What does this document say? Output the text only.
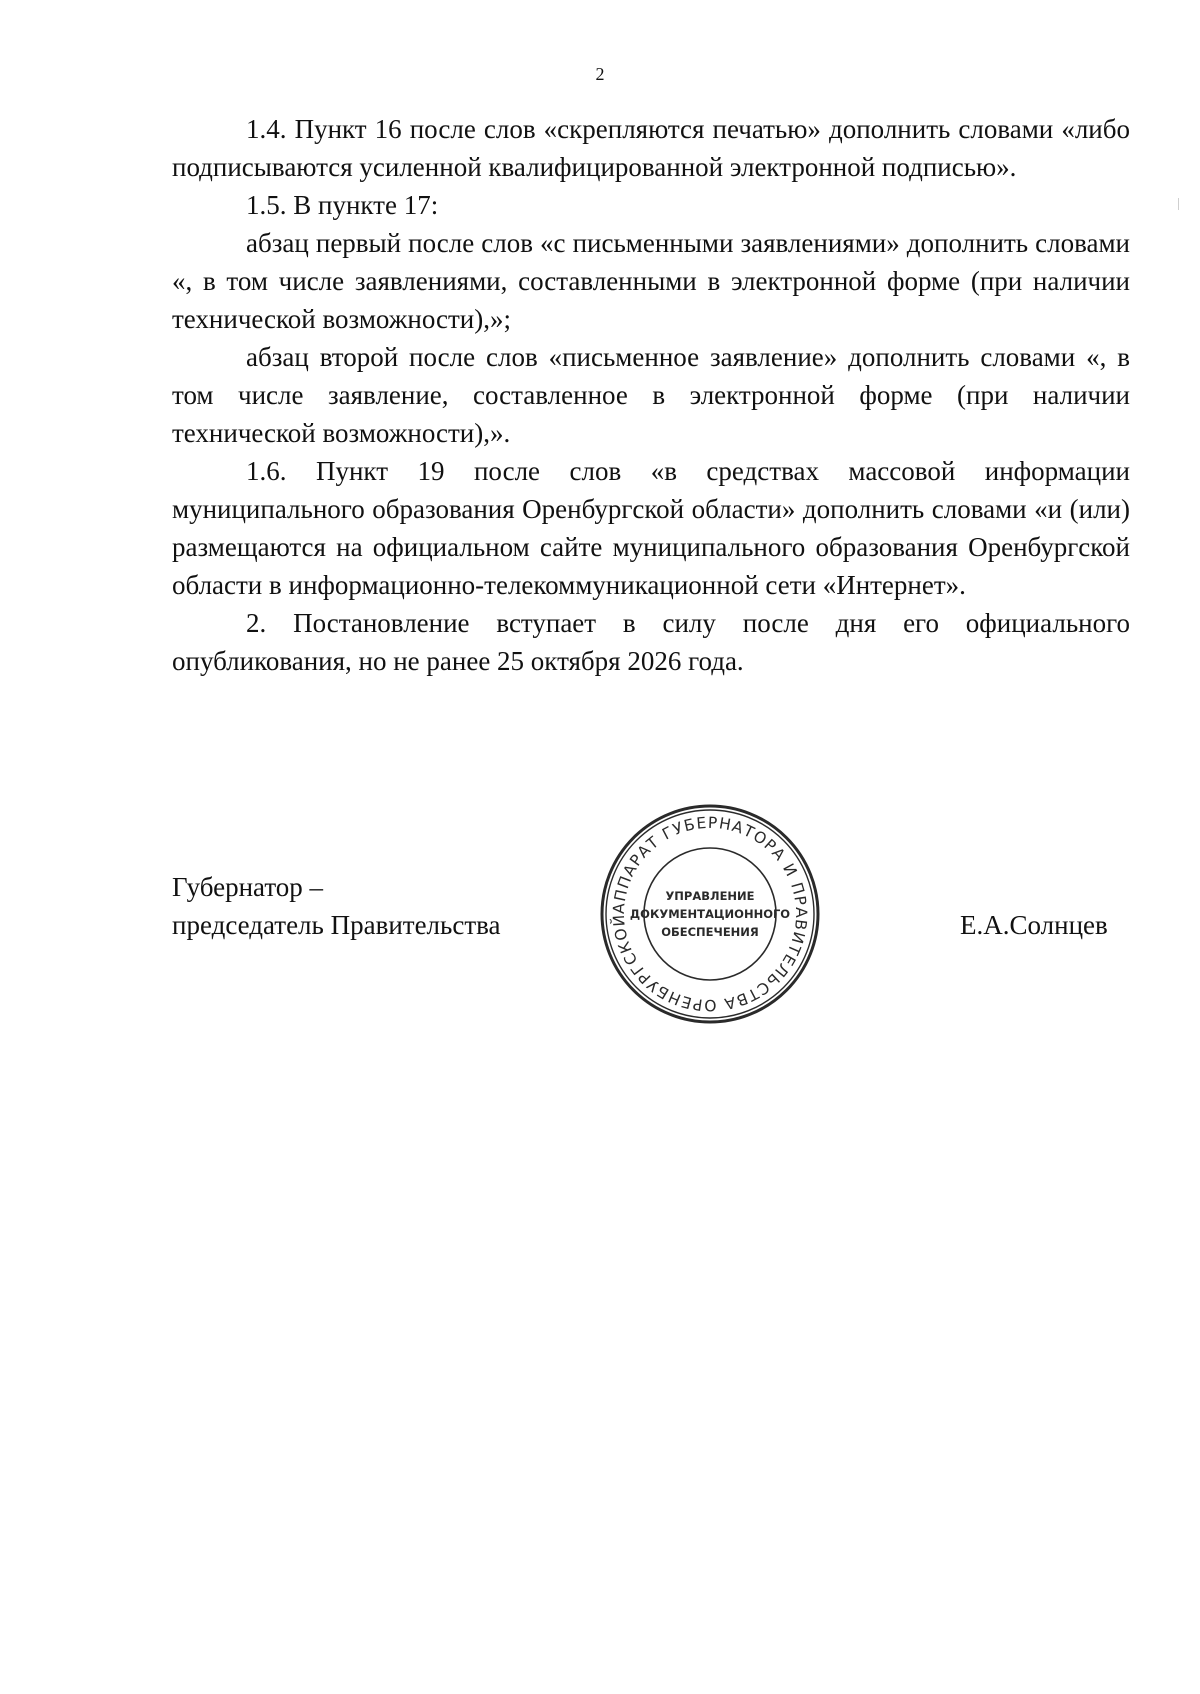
2

1.4. Пункт 16 после слов «скрепляются печатью» дополнить словами «либо подписываются усиленной квалифицированной электронной подписью».

1.5. В пункте 17:

абзац первый после слов «с письменными заявлениями» дополнить словами «, в том числе заявлениями, составленными в электронной форме (при наличии технической возможности),»;

абзац второй после слов «письменное заявление» дополнить словами «, в том числе заявление, составленное в электронной форме (при наличии технической возможности),».

1.6. Пункт 19 после слов «в средствах массовой информации муниципального образования Оренбургской области» дополнить словами «и (или) размещаются на официальном сайте муниципального образования Оренбургской области в информационно-телекоммуникационной сети «Интернет».

2. Постановление вступает в силу после дня его официального опубликования, но не ранее 25 октября 2026 года.

Губернатор –
председатель Правительства	Е.А.Солнцев
АППАРАТ ГУБЕРНАТОРА И ПРАВИТЕЛЬСТВА ОРЕНБУРГСКОЙ
УПРАВЛЕНИЕ
ДОКУМЕНТАЦИОННОГО
ОБЕСПЕЧЕНИЯ
